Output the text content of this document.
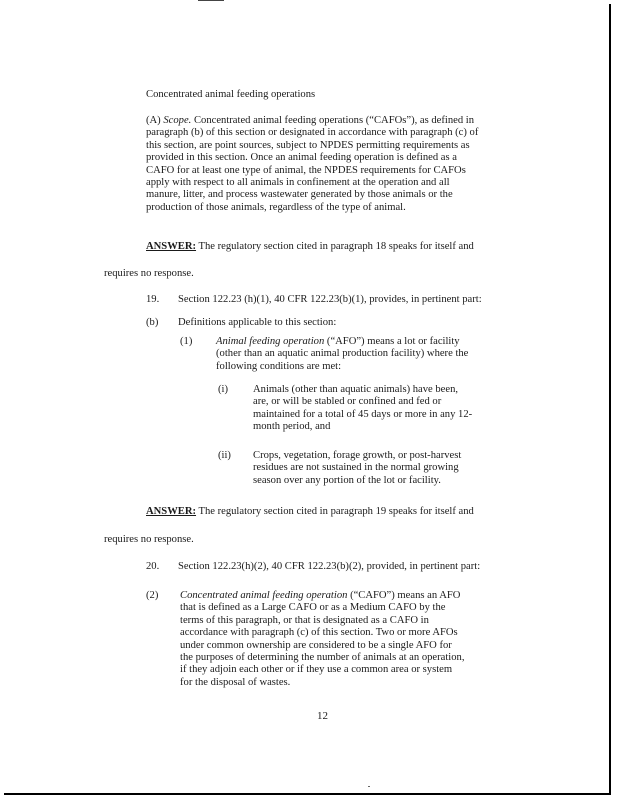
Concentrated animal feeding operations

(A) Scope. Concentrated animal feeding operations (“CAFOs”), as defined in
paragraph (b) of this section or designated in accordance with paragraph (c) of
this section, are point sources, subject to NPDES permitting requirements as
provided in this section. Once an animal feeding operation is defined as a
CAFO for at least one type of animal, the NPDES requirements for CAFOs
apply with respect to all animals in confinement at the operation and all
manure, litter, and process wastewater generated by those animals or the
production of those animals, regardless of the type of animal.

ANSWER: The regulatory section cited in paragraph 18 speaks for itself and

requires no response.

19. Section 122.23 (h)(1), 40 CFR 122.23(b)(1), provides, in pertinent part:

(b) Definitions applicable to this section:

(1) Animal feeding operation (“AFO”) means a lot or facility
(other than an aquatic animal production facility) where the
following conditions are met:

(i) Animals (other than aquatic animals) have been,
are, or will be stabled or confined and fed or
maintained for a total of 45 days or more in any 12-
month period, and

(ii) Crops, vegetation, forage growth, or post-harvest
residues are not sustained in the normal growing
season over any portion of the lot or facility.

ANSWER: The regulatory section cited in paragraph 19 speaks for itself and

requires no response.

20. Section 122.23(h)(2), 40 CFR 122.23(b)(2), provided, in pertinent part:

(2) Concentrated animal feeding operation (“CAFO”) means an AFO
that is defined as a Large CAFO or as a Medium CAFO by the
terms of this paragraph, or that is designated as a CAFO in
accordance with paragraph (c) of this section. Two or more AFOs
under common ownership are considered to be a single AFO for
the purposes of determining the number of animals at an operation,
if they adjoin each other or if they use a common area or system
for the disposal of wastes.

12
